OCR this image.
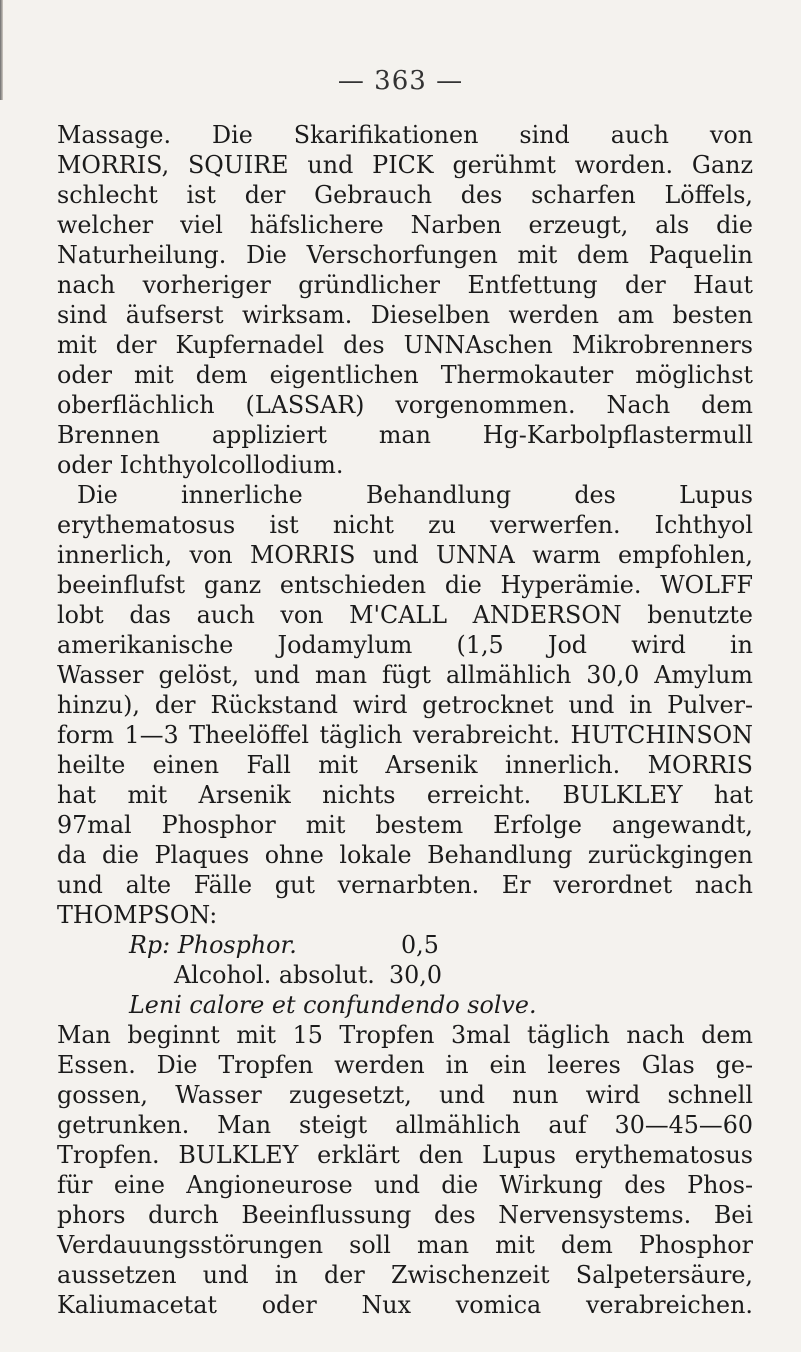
— 363 —
Massage. Die Skarifikationen sind auch von
MORRIS, SQUIRE und PICK gerühmt worden. Ganz
schlecht ist der Gebrauch des scharfen Löffels,
welcher viel häfslichere Narben erzeugt, als die
Naturheilung. Die Verschorfungen mit dem Paquelin
nach vorheriger gründlicher Entfettung der Haut
sind äufserst wirksam. Dieselben werden am besten
mit der Kupfernadel des UNNAschen Mikrobrenners
oder mit dem eigentlichen Thermokauter möglichst
oberflächlich (LASSAR) vorgenommen. Nach dem
Brennen appliziert man Hg-Karbolpflastermull
oder Ichthyolcollodium.
Die innerliche Behandlung des Lupus
erythematosus ist nicht zu verwerfen. Ichthyol
innerlich, von MORRIS und UNNA warm empfohlen,
beeinflufst ganz entschieden die Hyperämie. WOLFF
lobt das auch von M'CALL ANDERSON benutzte
amerikanische Jodamylum (1,5 Jod wird in
Wasser gelöst, und man fügt allmählich 30,0 Amylum
hinzu), der Rückstand wird getrocknet und in Pulver-
form 1—3 Theelöffel täglich verabreicht. HUTCHINSON
heilte einen Fall mit Arsenik innerlich. MORRIS
hat mit Arsenik nichts erreicht. BULKLEY hat
97mal Phosphor mit bestem Erfolge angewandt,
da die Plaques ohne lokale Behandlung zurückgingen
und alte Fälle gut vernarbten. Er verordnet nach
THOMPSON:
Rp: Phosphor.	0,5
Alcohol. absolut. 30,0
Leni calore et confundendo solve.
Man beginnt mit 15 Tropfen 3mal täglich nach dem
Essen. Die Tropfen werden in ein leeres Glas ge-
gossen, Wasser zugesetzt, und nun wird schnell
getrunken. Man steigt allmählich auf 30—45—60
Tropfen. BULKLEY erklärt den Lupus erythematosus
für eine Angioneurose und die Wirkung des Phos-
phors durch Beeinflussung des Nervensystems. Bei
Verdauungsstörungen soll man mit dem Phosphor
aussetzen und in der Zwischenzeit Salpetersäure,
Kaliumacetat oder Nux vomica verabreichen.
